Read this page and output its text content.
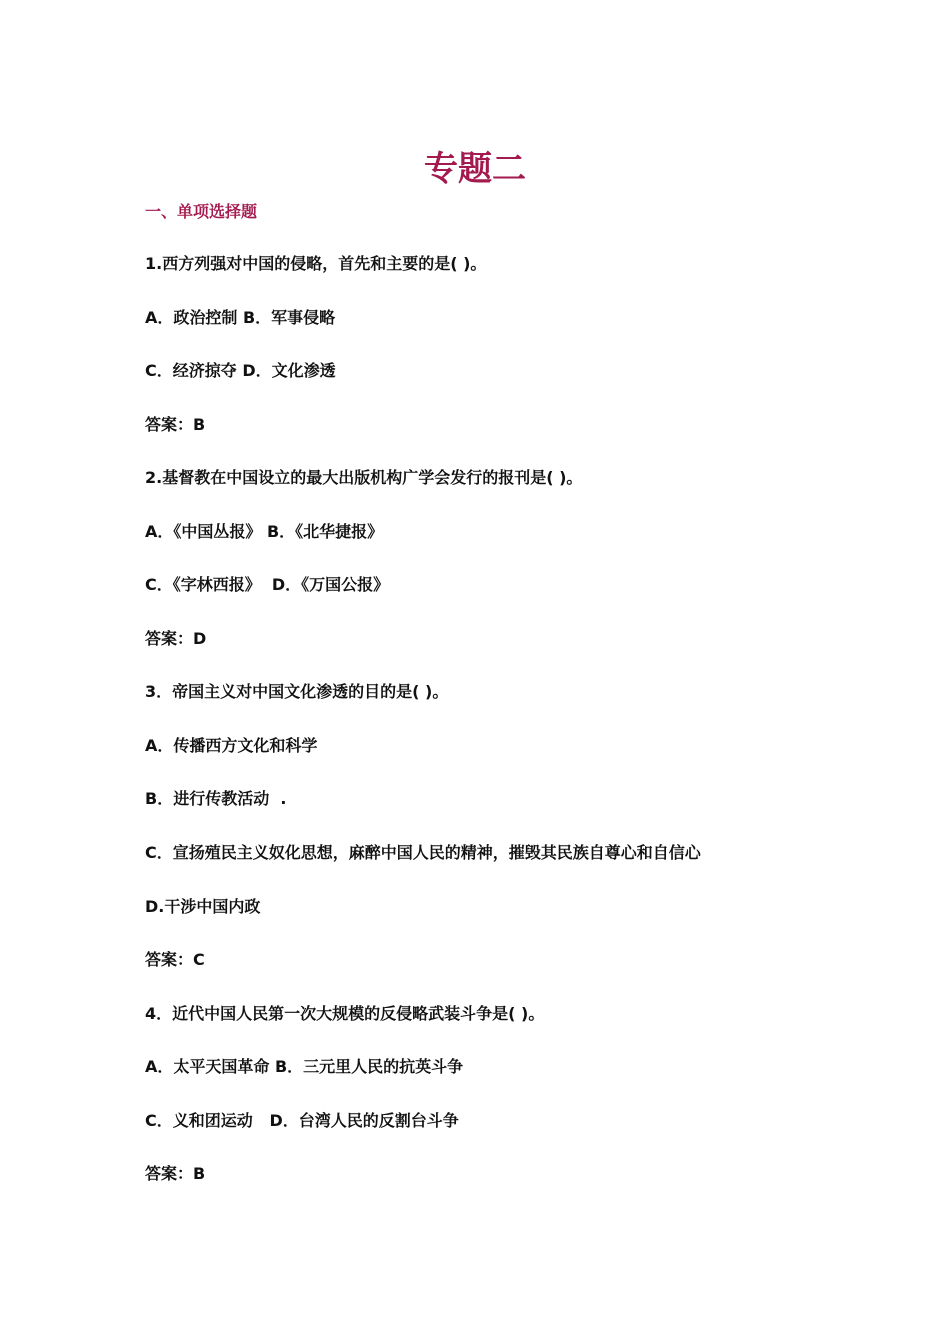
专题二
一、单项选择题
1.西方列强对中国的侵略，首先和主要的是( )。
A．政治控制 B．军事侵略
C．经济掠夺 D．文化渗透
答案：B
2.基督教在中国设立的最大出版机构广学会发行的报刊是( )。
A．《中国丛报》 B．《北华捷报》
C．《字林西报》  D．《万国公报》
答案：D
3．帝国主义对中国文化渗透的目的是( )。
A．传播西方文化和科学
B．进行传教活动  .
C．宣扬殖民主义奴化思想，麻醉中国人民的精神，摧毁其民族自尊心和自信心
D.干涉中国内政
答案：C
4．近代中国人民第一次大规模的反侵略武装斗争是( )。
A．太平天国革命 B．三元里人民的抗英斗争
C．义和团运动   D．台湾人民的反割台斗争
答案：B
